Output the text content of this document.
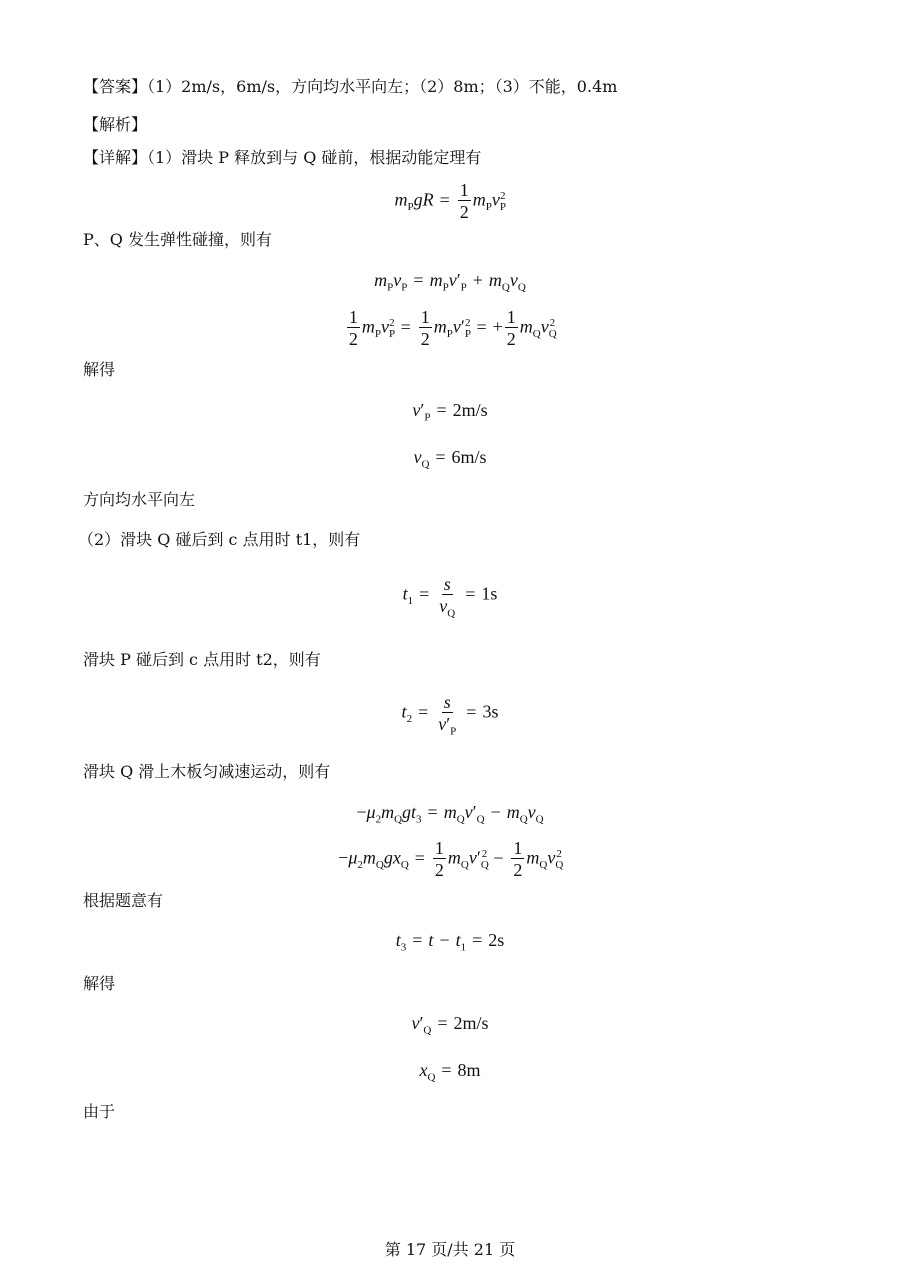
【答案】（1）2m/s，6m/s，方向均水平向左；（2）8m；（3）不能，0.4m
【解析】
【详解】（1）滑块 P 释放到与 Q 碰前，根据动能定理有
$m_PgR = \frac{1}{2} m_Pv_P^2$
P、Q 发生弹性碰撞，则有
$m_Pv_P = m_Pv'_P + m_Qv_Q$
$\frac{1}{2} m_Pv_P^2 = \frac{1}{2} m_Pv'_P^2$ = + $\frac{1}{2} m_Qv_Q^2$
解得
$v'_P = 2m/s$
$v_Q = 6m/s$
方向均水平向左
（2）滑块 Q 碰后到 c 点用时 t1，则有
$t_1 = \frac{s}{v_Q} = 1s$
滑块 P 碰后到 c 点用时 t2，则有
$t_2 = \frac{s}{v'_P} = 3s$
滑块 Q 滑上木板匀减速运动，则有
$-\mu_2m_Qgt_3 = m_Qv'_Q - m_Qv_Q$
$-\mu_2m_Qgx_Q = \frac{1}{2} m_Qv'_Q^2 - \frac{1}{2} m_Qv_Q^2$
根据题意有
$t_3 = t - t_1 = 2s$
解得
$v'_Q = 2m/s$
$x_Q = 8m$
由于
第 17 页/共 21 页
